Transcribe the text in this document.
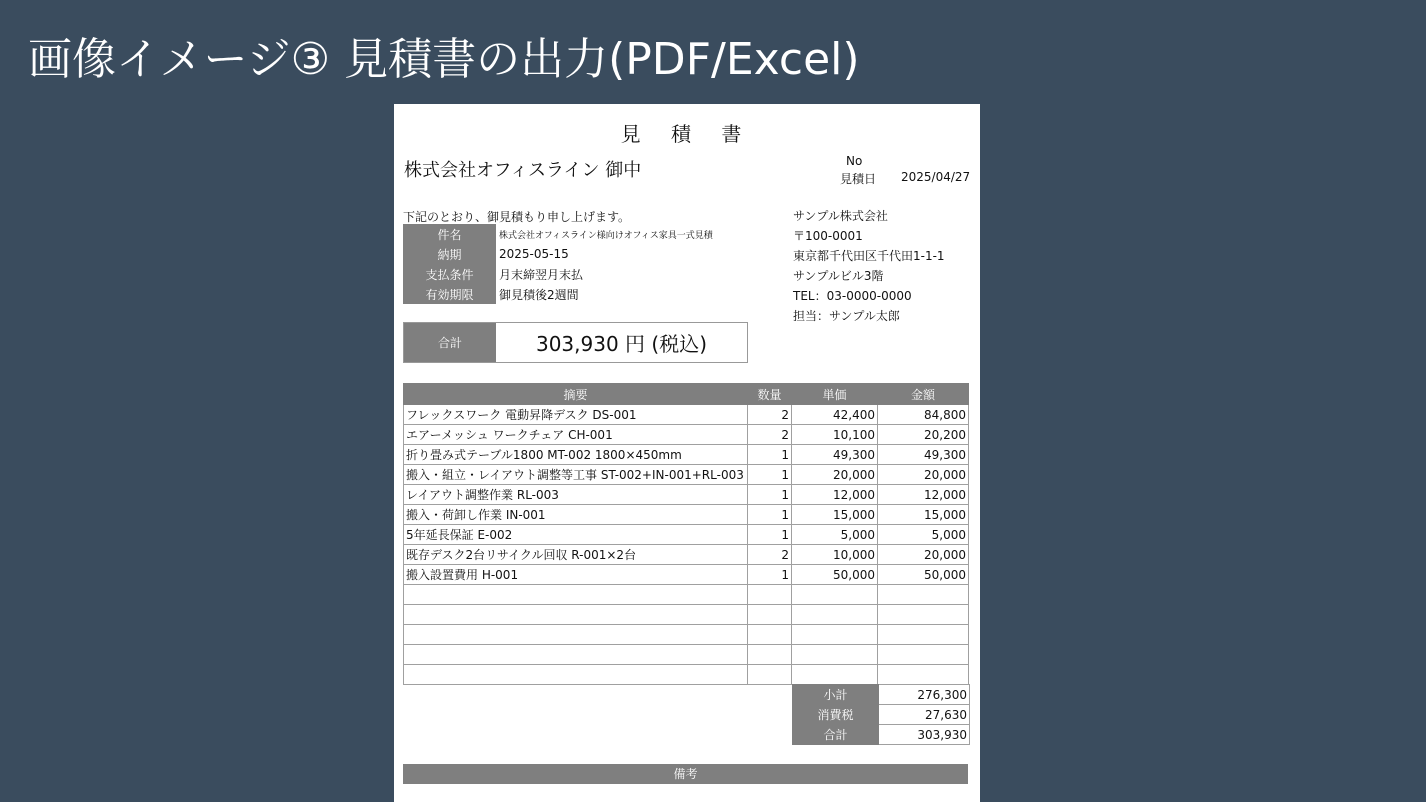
画像イメージ③ 見積書の出力(PDF/Excel)
見 積 書
株式会社オフィスライン 御中	No
見積日 2025/04/27
下記のとおり、御見積もり申し上げます。	サンプル株式会社
〒100-0001
東京都千代田区千代田1-1-1
サンプルビル3階
TEL：03-0000-0000
担当：サンプル太郎
件名	株式会社オフィスライン様向けオフィス家具一式見積
納期	2025-05-15
支払条件	月末締翌月末払
有効期限	御見積後2週間
合計	303,930 円 (税込)
摘要	数量	単価	金額
フレックスワーク 電動昇降デスク DS-001	2	42,400	84,800
エアーメッシュ ワークチェア CH-001	2	10,100	20,200
折り畳み式テーブル1800 MT-002 1800×450mm	1	49,300	49,300
搬入・組立・レイアウト調整等工事 ST-002+IN-001+RL-003	1	20,000	20,000
レイアウト調整作業 RL-003	1	12,000	12,000
搬入・荷卸し作業 IN-001	1	15,000	15,000
5年延長保証 E-002	1	5,000	5,000
既存デスク2台リサイクル回収 R-001×2台	2	10,000	20,000
搬入設置費用 H-001	1	50,000	50,000

小計	276,300
消費税	27,630
合計	303,930
備考
